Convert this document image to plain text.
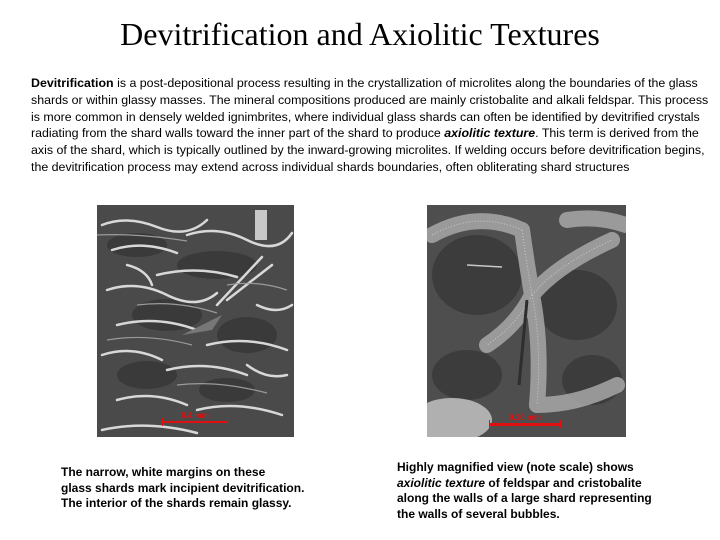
Devitrification and Axiolitic Textures
Devitrification is a post-depositional process resulting in the crystallization of microlites along the boundaries of the glass shards or within glassy masses. The mineral compositions produced are mainly cristobalite and alkali feldspar. This process is more common in densely welded ignimbrites, where individual glass shards can often be identified by devitrified crystals radiating from the shard walls toward the inner part of the shard to produce axiolitic texture. This term is derived from the axis of the shard, which is typically outlined by the inward-growing microlites. If welding occurs before devitrification begins, the devitrification process may extend across individual shards boundaries, often obliterating shard structures
0.4 mm	0.10 mm
The narrow, white margins on these
glass shards mark incipient devitrification.
The interior of the shards remain glassy.
Highly magnified view (note scale) shows
axiolitic texture of feldspar and cristobalite
along the walls of a large shard representing
the walls of several bubbles.
